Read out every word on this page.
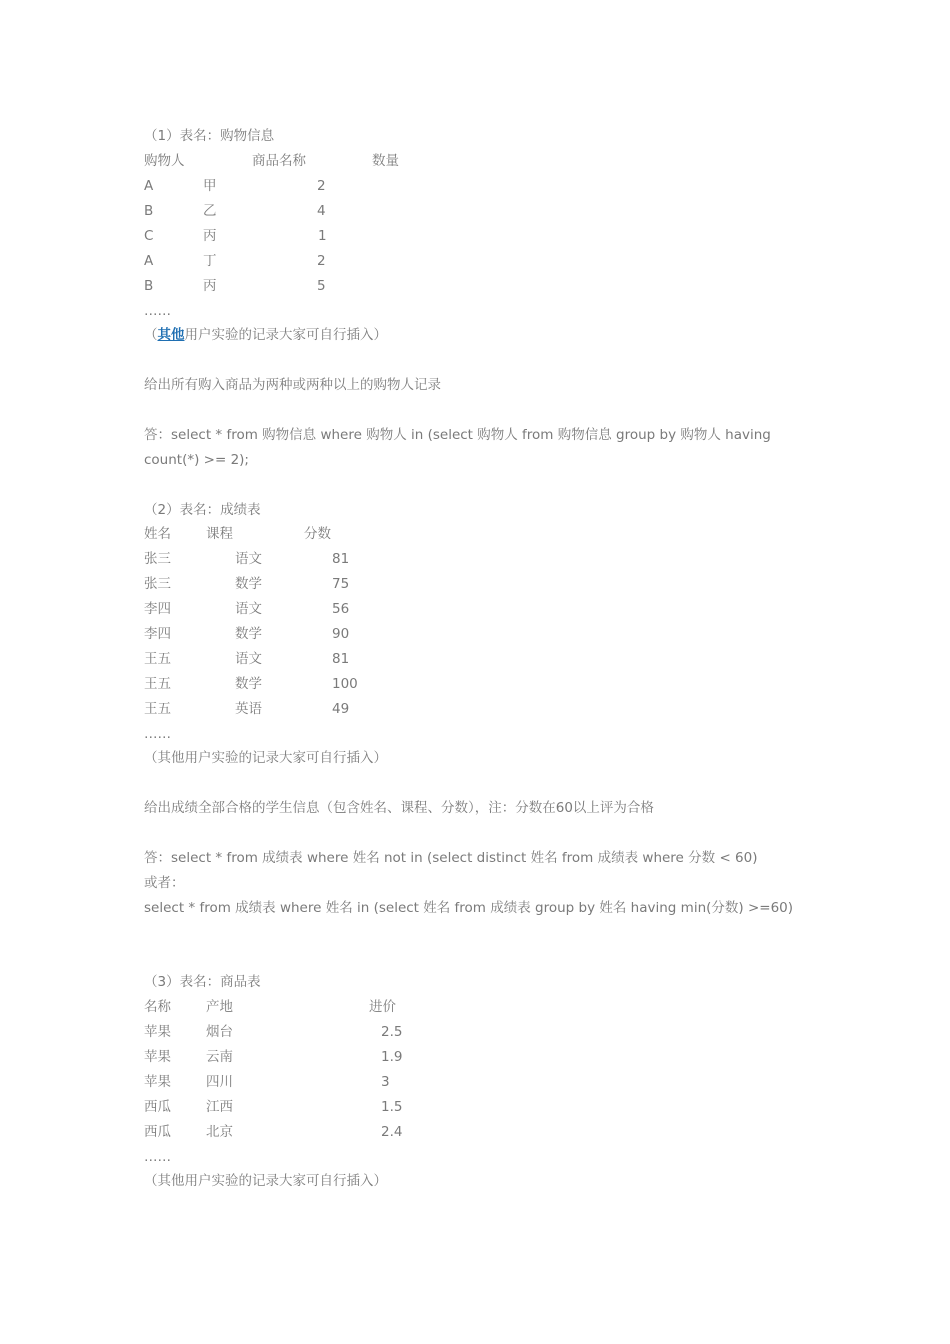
（1）表名：购物信息
购物人	商品名称	数量
A	甲	2
B	乙	4
C	丙	1
A	丁	2
B	丙	5
……
（其他用户实验的记录大家可自行插入）
给出所有购入商品为两种或两种以上的购物人记录
答：select * from 购物信息 where 购物人 in (select 购物人 from 购物信息 group by 购物人 having
count(*) >= 2);
（2）表名：成绩表
姓名	课程	分数
张三	语文	81
张三	数学	75
李四	语文	56
李四	数学	90
王五	语文	81
王五	数学	100
王五	英语	49
……
（其他用户实验的记录大家可自行插入）
给出成绩全部合格的学生信息（包含姓名、课程、分数），注：分数在60以上评为合格
答：select * from 成绩表 where 姓名 not in (select distinct 姓名 from 成绩表 where 分数 < 60)
或者：
select * from 成绩表 where 姓名 in (select 姓名 from 成绩表 group by 姓名 having min(分数) >=60)
（3）表名：商品表
名称	产地	进价
苹果	烟台	2.5
苹果	云南	1.9
苹果	四川	3
西瓜	江西	1.5
西瓜	北京	2.4
……
（其他用户实验的记录大家可自行插入）
